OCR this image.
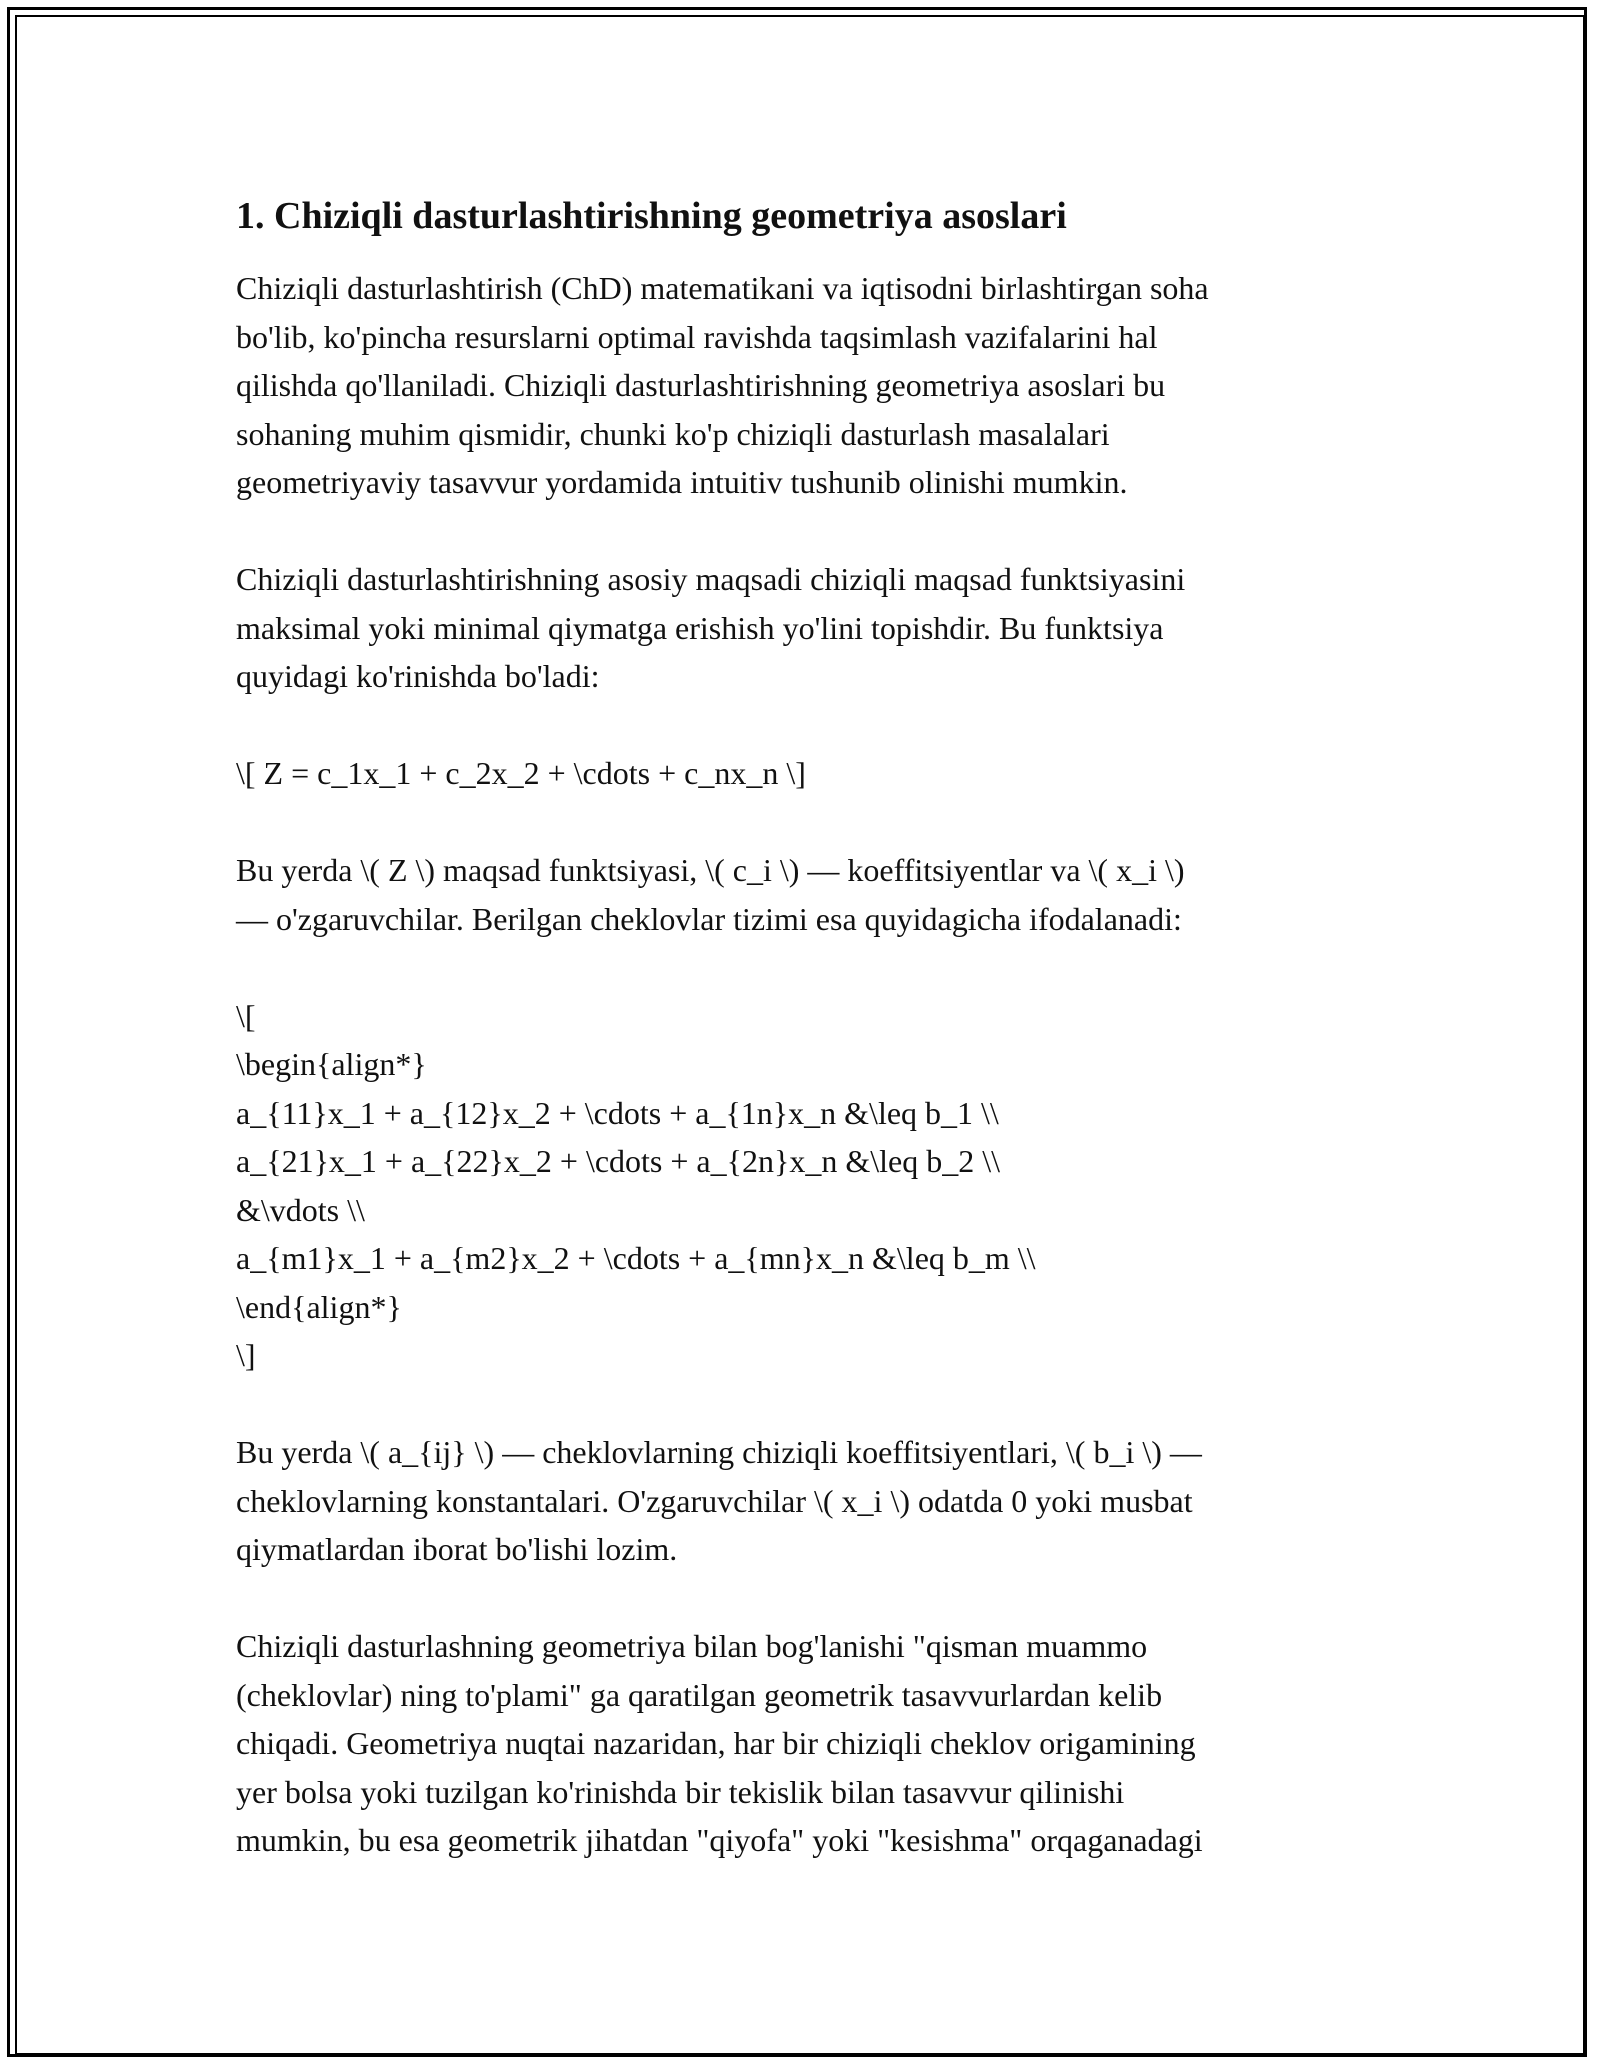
1. Chiziqli dasturlashtirishning geometriya asoslari

Chiziqli dasturlashtirish (ChD) matematikani va iqtisodni birlashtirgan soha
bo'lib, ko'pincha resurslarni optimal ravishda taqsimlash vazifalarini hal
qilishda qo'llaniladi. Chiziqli dasturlashtirishning geometriya asoslari bu
sohaning muhim qismidir, chunki ko'p chiziqli dasturlash masalalari
geometriyaviy tasavvur yordamida intuitiv tushunib olinishi mumkin.

Chiziqli dasturlashtirishning asosiy maqsadi chiziqli maqsad funktsiyasini
maksimal yoki minimal qiymatga erishish yo'lini topishdir. Bu funktsiya
quyidagi ko'rinishda bo'ladi:

\[ Z = c_1x_1 + c_2x_2 + \cdots + c_nx_n \]

Bu yerda \( Z \) maqsad funktsiyasi, \( c_i \) — koeffitsiyentlar va \( x_i \)
— o'zgaruvchilar. Berilgan cheklovlar tizimi esa quyidagicha ifodalanadi:

\[
\begin{align*}
a_{11}x_1 + a_{12}x_2 + \cdots + a_{1n}x_n &\leq b_1 \\
a_{21}x_1 + a_{22}x_2 + \cdots + a_{2n}x_n &\leq b_2 \\
&\vdots \\
a_{m1}x_1 + a_{m2}x_2 + \cdots + a_{mn}x_n &\leq b_m \\
\end{align*}
\]

Bu yerda \( a_{ij} \) — cheklovlarning chiziqli koeffitsiyentlari, \( b_i \) —
cheklovlarning konstantalari. O'zgaruvchilar \( x_i \) odatda 0 yoki musbat
qiymatlardan iborat bo'lishi lozim.

Chiziqli dasturlashning geometriya bilan bog'lanishi "qisman muammo
(cheklovlar) ning to'plami" ga qaratilgan geometrik tasavvurlardan kelib
chiqadi. Geometriya nuqtai nazaridan, har bir chiziqli cheklov origamining
yer bolsa yoki tuzilgan ko'rinishda bir tekislik bilan tasavvur qilinishi
mumkin, bu esa geometrik jihatdan "qiyofa" yoki "kesishma" orqaganadagi
